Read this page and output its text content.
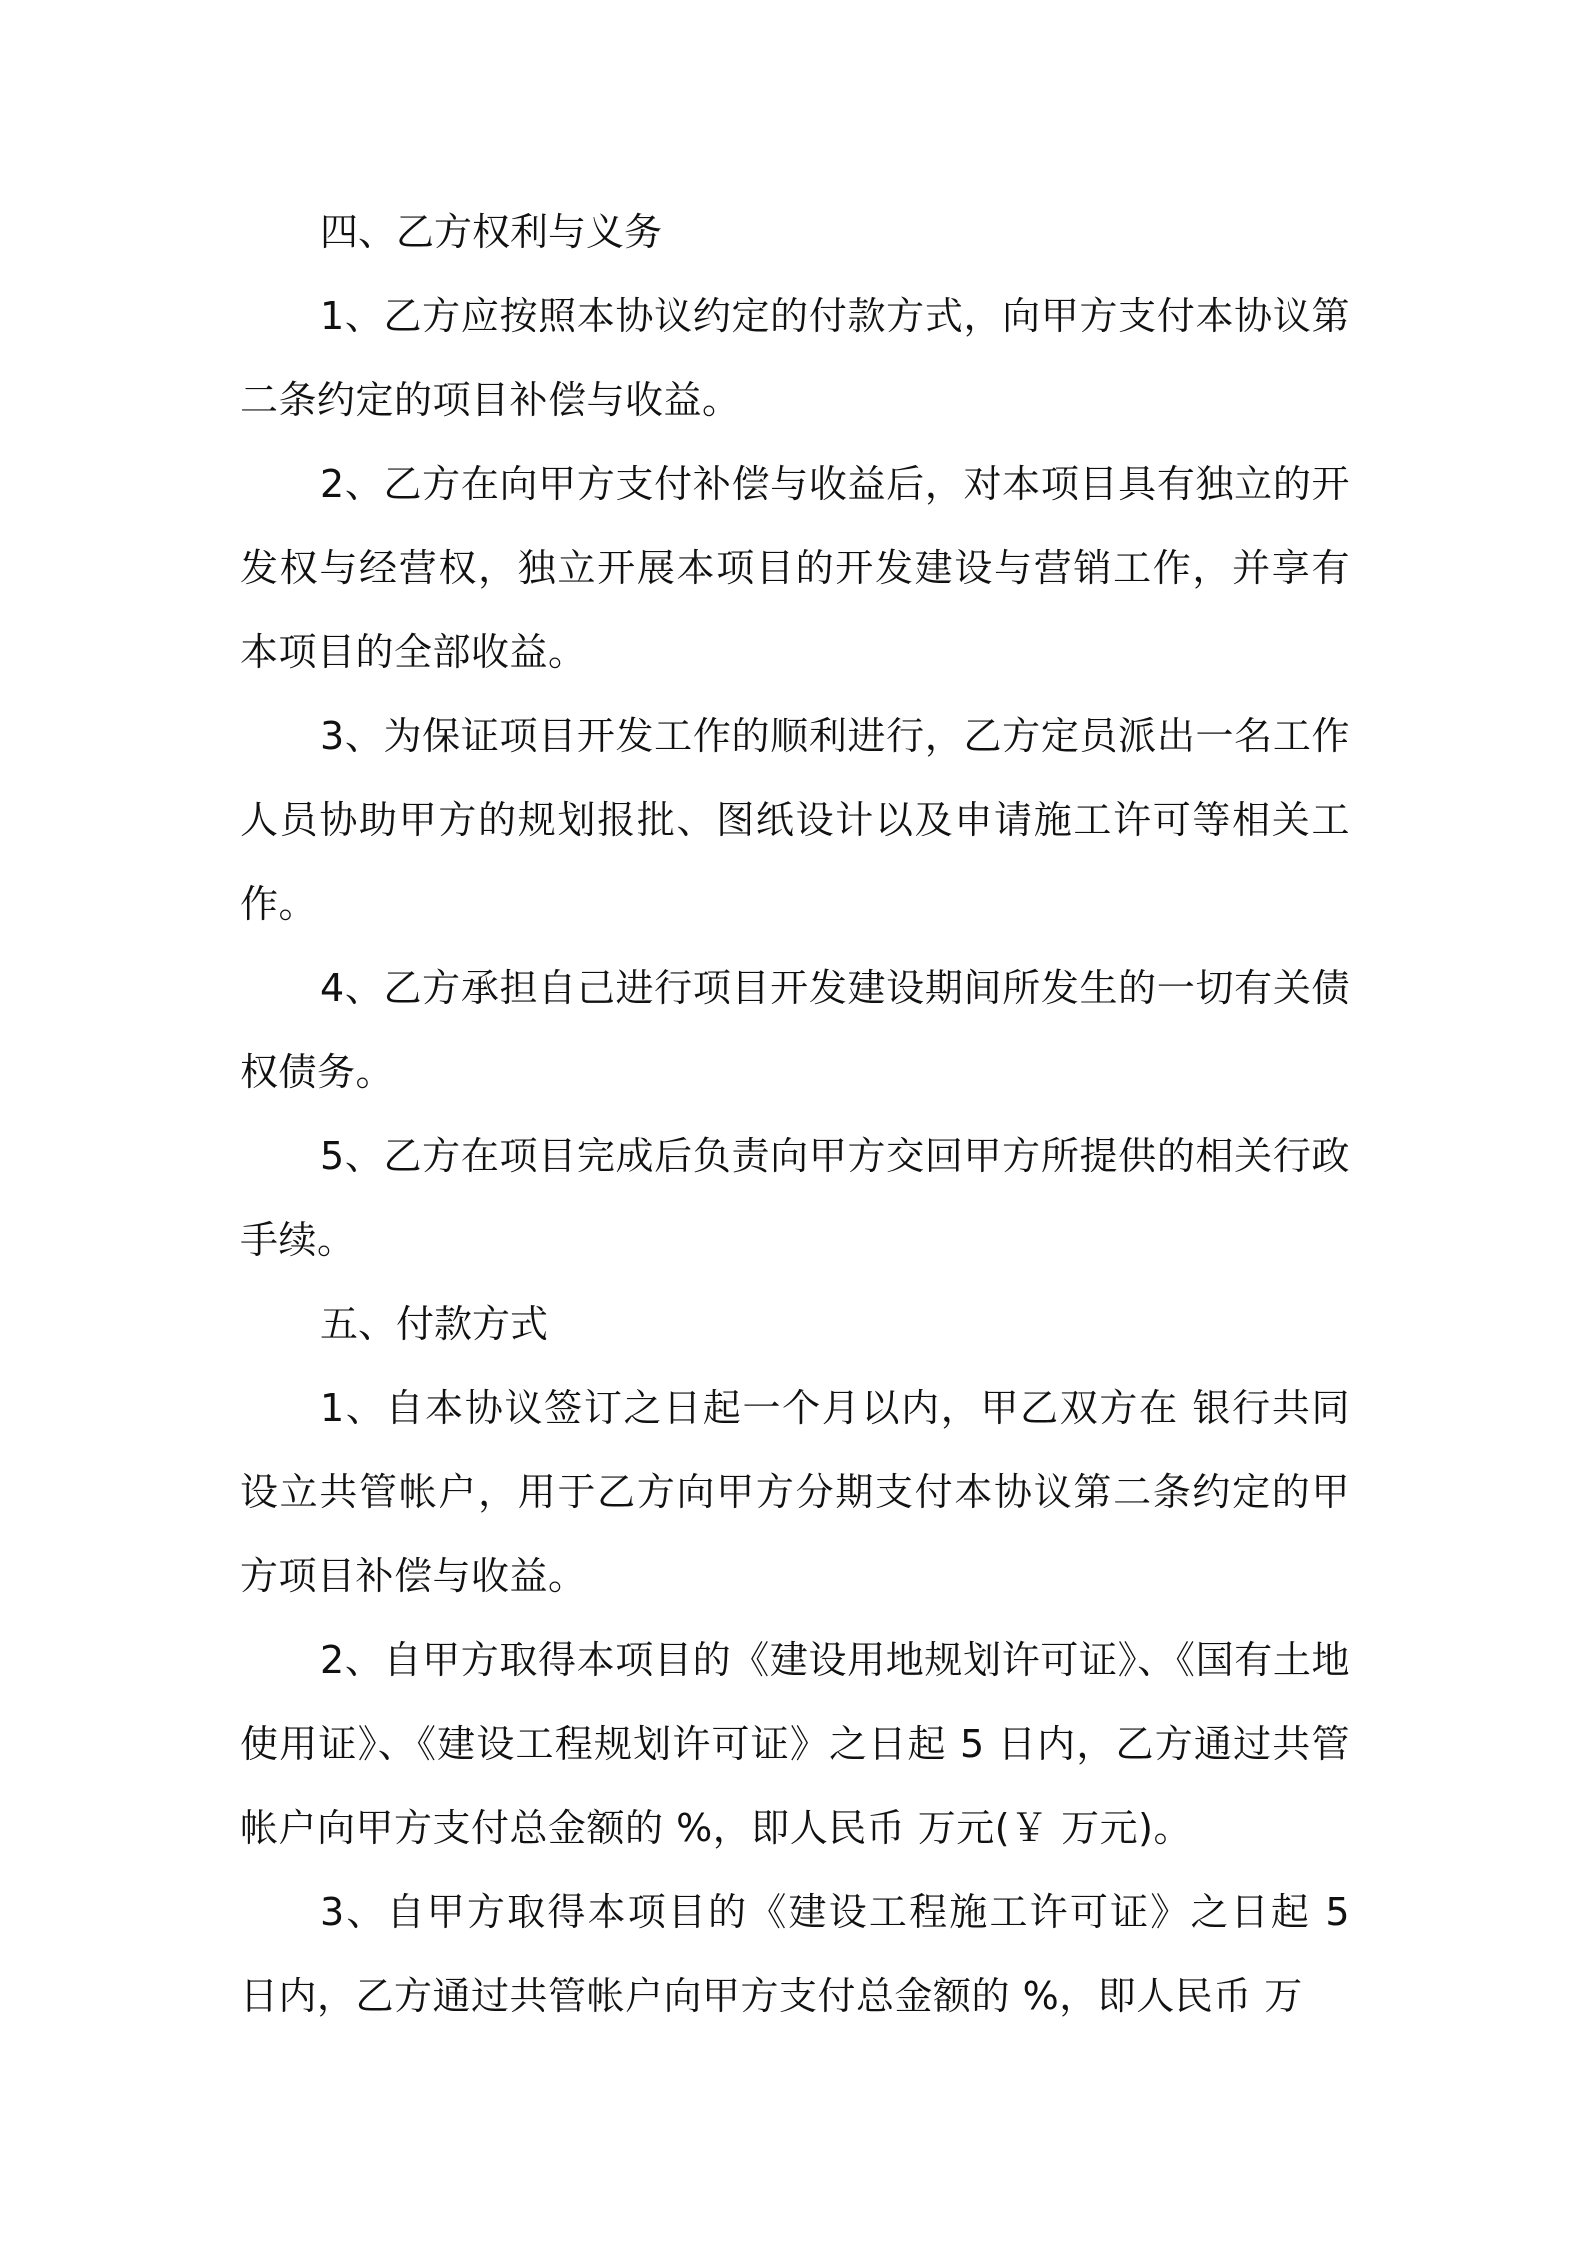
四、乙方权利与义务

1、乙方应按照本协议约定的付款方式，向甲方支付本协议第二条约定的项目补偿与收益。

2、乙方在向甲方支付补偿与收益后，对本项目具有独立的开发权与经营权，独立开展本项目的开发建设与营销工作，并享有本项目的全部收益。

3、为保证项目开发工作的顺利进行，乙方定员派出一名工作人员协助甲方的规划报批、图纸设计以及申请施工许可等相关工作。

4、乙方承担自己进行项目开发建设期间所发生的一切有关债权债务。

5、乙方在项目完成后负责向甲方交回甲方所提供的相关行政手续。

五、付款方式

1、自本协议签订之日起一个月以内，甲乙双方在 银行共同设立共管帐户，用于乙方向甲方分期支付本协议第二条约定的甲方项目补偿与收益。

2、自甲方取得本项目的《建设用地规划许可证》、《国有土地使用证》、《建设工程规划许可证》之日起 5 日内，乙方通过共管帐户向甲方支付总金额的 %，即人民币 万元(￥ 万元)。

3、自甲方取得本项目的《建设工程施工许可证》之日起 5 日内，乙方通过共管帐户向甲方支付总金额的 %，即人民币 万
